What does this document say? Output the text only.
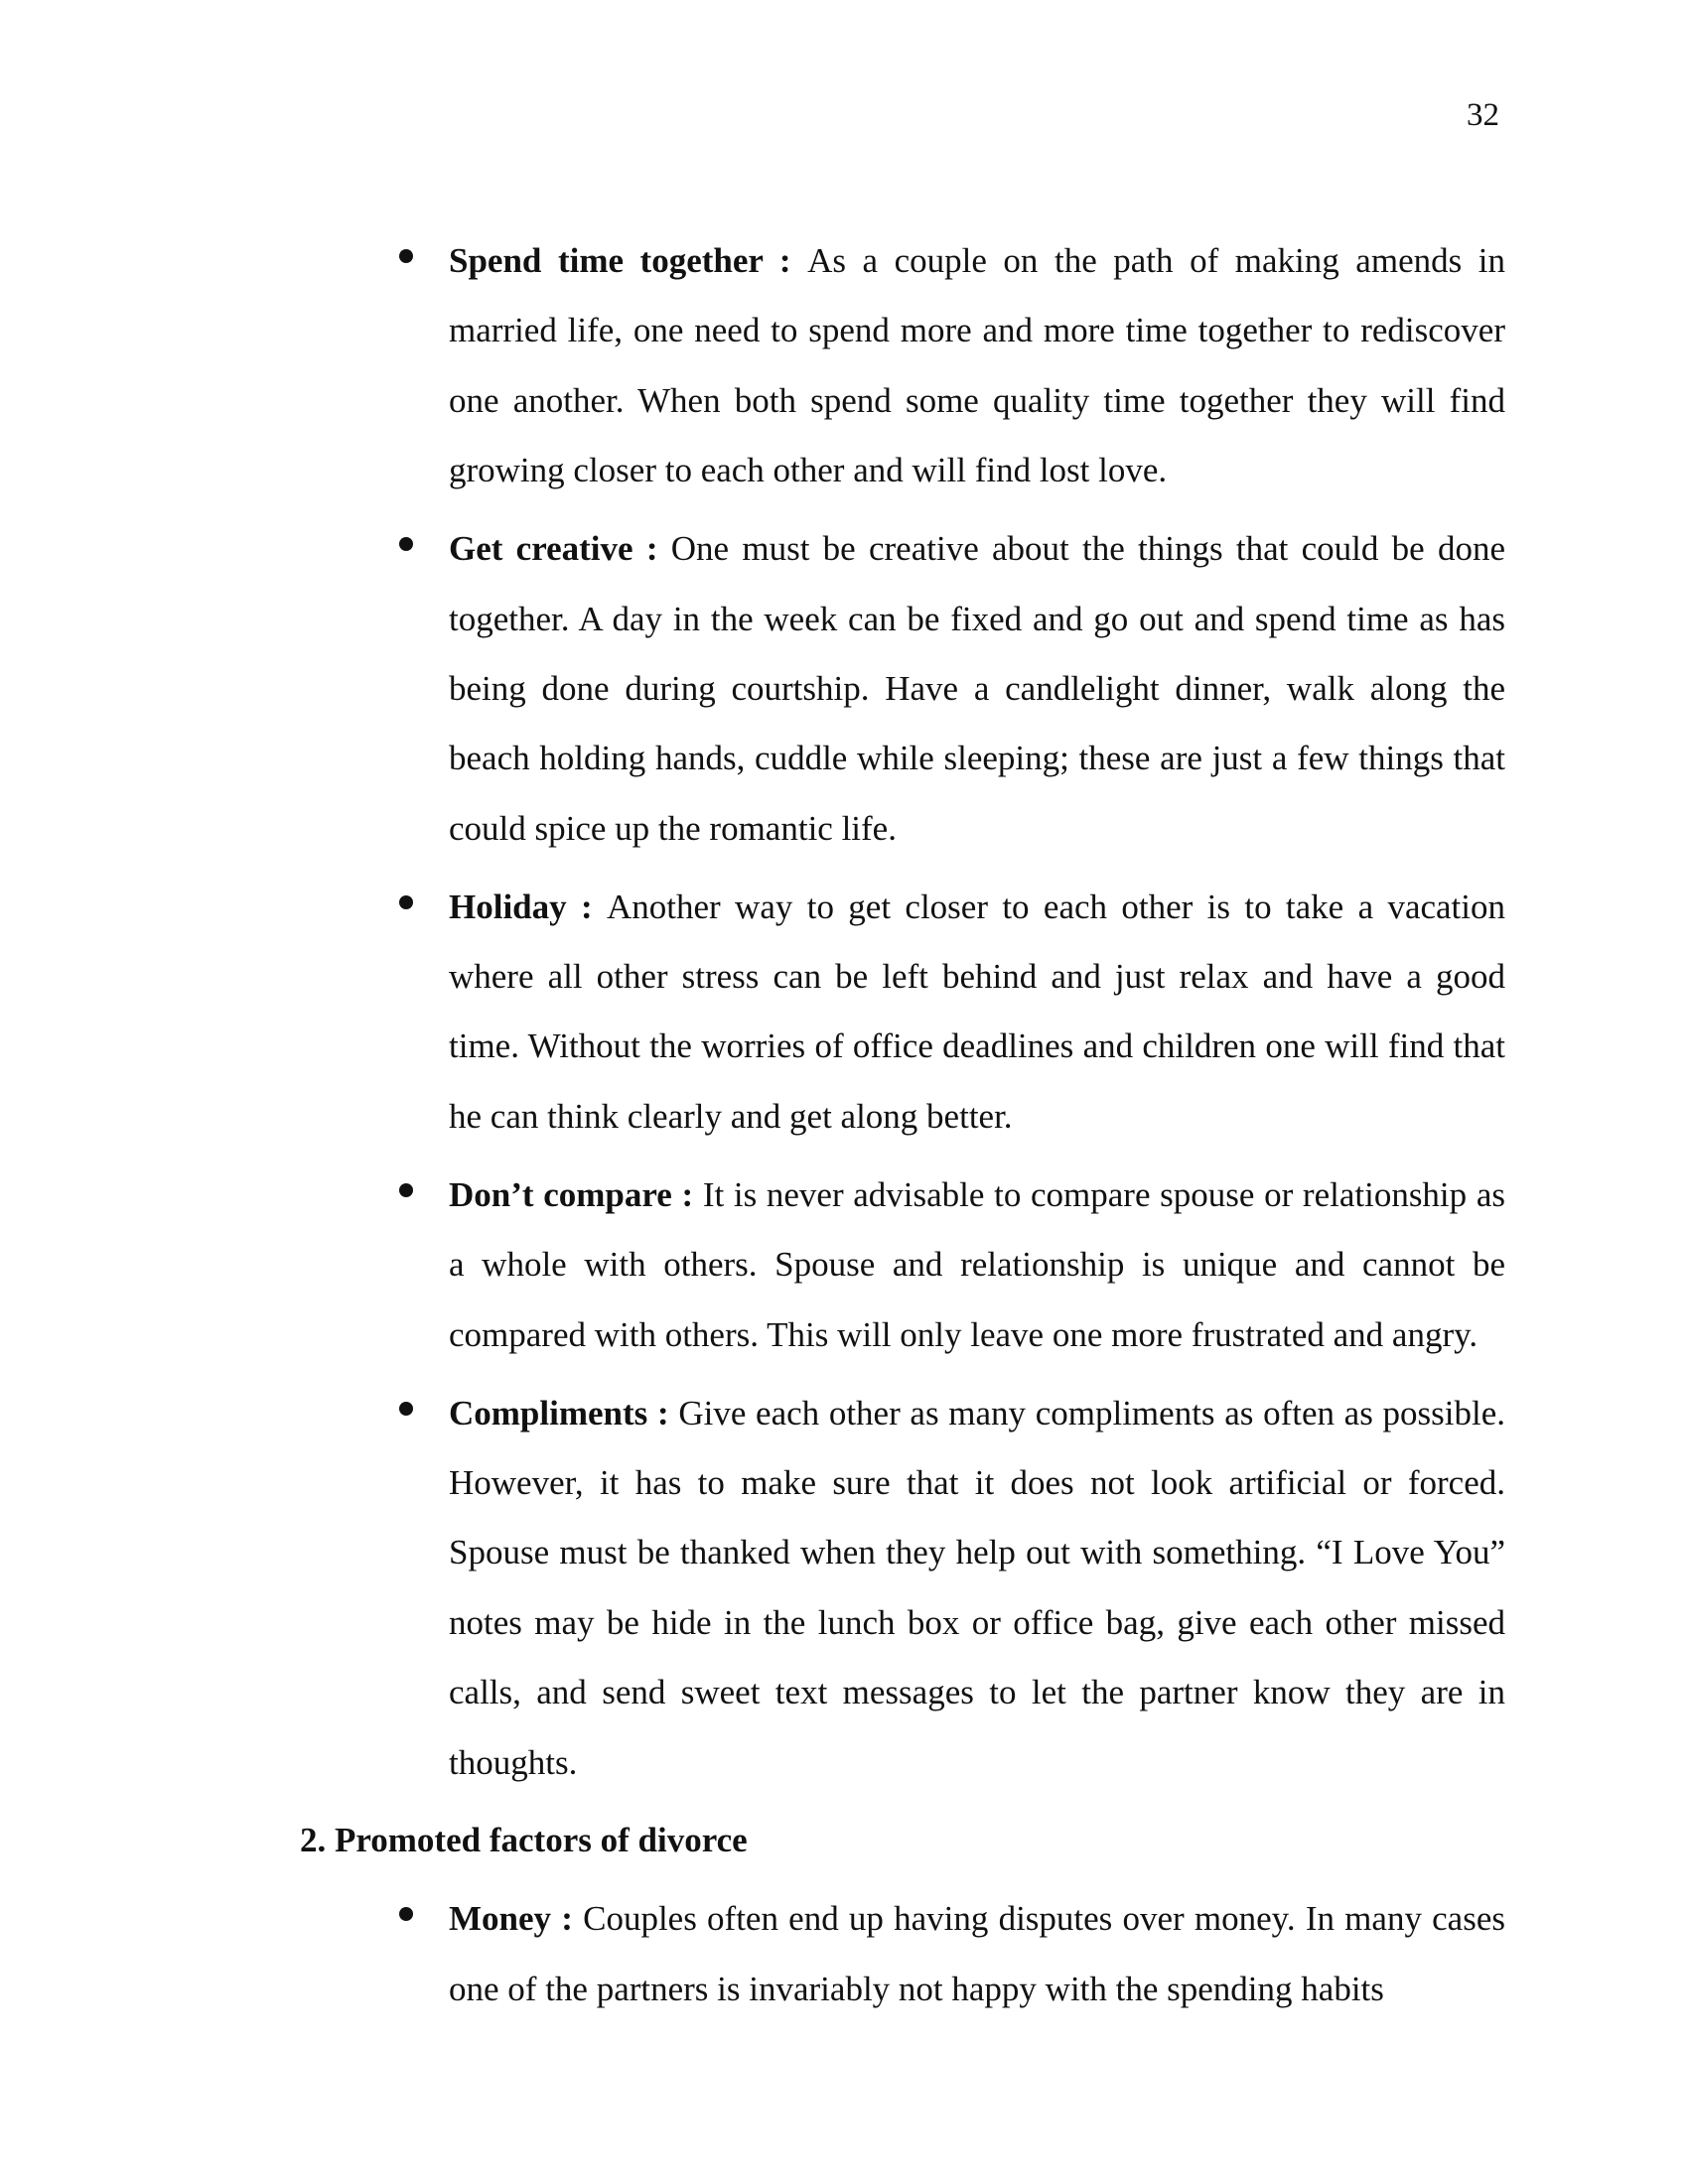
32
Spend time together : As a couple on the path of making amends in married life, one need to spend more and more time together to rediscover one another. When both spend some quality time together they will find growing closer to each other and will find lost love.
Get creative : One must be creative about the things that could be done together. A day in the week can be fixed and go out and spend time as has being done during courtship. Have a candlelight dinner, walk along the beach holding hands, cuddle while sleeping; these are just a few things that could spice up the romantic life.
Holiday : Another way to get closer to each other is to take a vacation where all other stress can be left behind and just relax and have a good time. Without the worries of office deadlines and children one will find that he can think clearly and get along better.
Don’t compare : It is never advisable to compare spouse or relationship as a whole with others. Spouse and relationship is unique and cannot be compared with others. This will only leave one more frustrated and angry.
Compliments : Give each other as many compliments as often as possible. However, it has to make sure that it does not look artificial or forced. Spouse must be thanked when they help out with something. “I Love You” notes may be hide in the lunch box or office bag, give each other missed calls, and send sweet text messages to let the partner know they are in thoughts.
2. Promoted factors of divorce
Money : Couples often end up having disputes over money. In many cases one of the partners is invariably not happy with the spending habits
